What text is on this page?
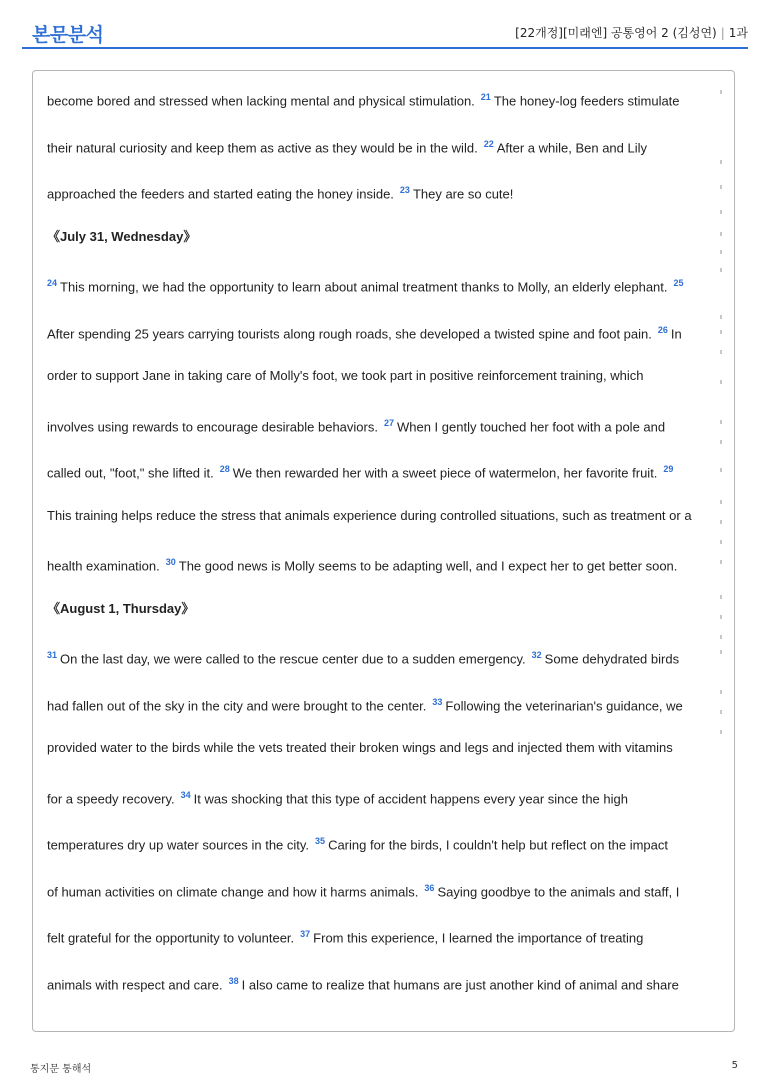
본문분석	[22개정][미래엔] 공통영어 2 (김성연) | 1과
become bored and stressed when lacking mental and physical stimulation. $^{21}$ The honey-log feeders stimulate
their natural curiosity and keep them as active as they would be in the wild. $^{22}$ After a while, Ben and Lily
approached the feeders and started eating the honey inside. $^{23}$ They are so cute!
《July 31, Wednesday》
$^{24}$ This morning, we had the opportunity to learn about animal treatment thanks to Molly, an elderly elephant. $^{25}$
After spending 25 years carrying tourists along rough roads, she developed a twisted spine and foot pain. $^{26}$ In
order to support Jane in taking care of Molly's foot, we took part in positive reinforcement training, which
involves using rewards to encourage desirable behaviors. $^{27}$ When I gently touched her foot with a pole and
called out, "foot," she lifted it. $^{28}$ We then rewarded her with a sweet piece of watermelon, her favorite fruit. $^{29}$
This training helps reduce the stress that animals experience during controlled situations, such as treatment or a
health examination. $^{30}$ The good news is Molly seems to be adapting well, and I expect her to get better soon.
《August 1, Thursday》
$^{31}$ On the last day, we were called to the rescue center due to a sudden emergency. $^{32}$ Some dehydrated birds
had fallen out of the sky in the city and were brought to the center. $^{33}$ Following the veterinarian's guidance, we
provided water to the birds while the vets treated their broken wings and legs and injected them with vitamins
for a speedy recovery. $^{34}$ It was shocking that this type of accident happens every year since the high
temperatures dry up water sources in the city. $^{35}$ Caring for the birds, I couldn't help but reflect on the impact
of human activities on climate change and how it harms animals. $^{36}$ Saying goodbye to the animals and staff, I
felt grateful for the opportunity to volunteer. $^{37}$ From this experience, I learned the importance of treating
animals with respect and care. $^{38}$ I also came to realize that humans are just another kind of animal and share
통지문 통해석	5
